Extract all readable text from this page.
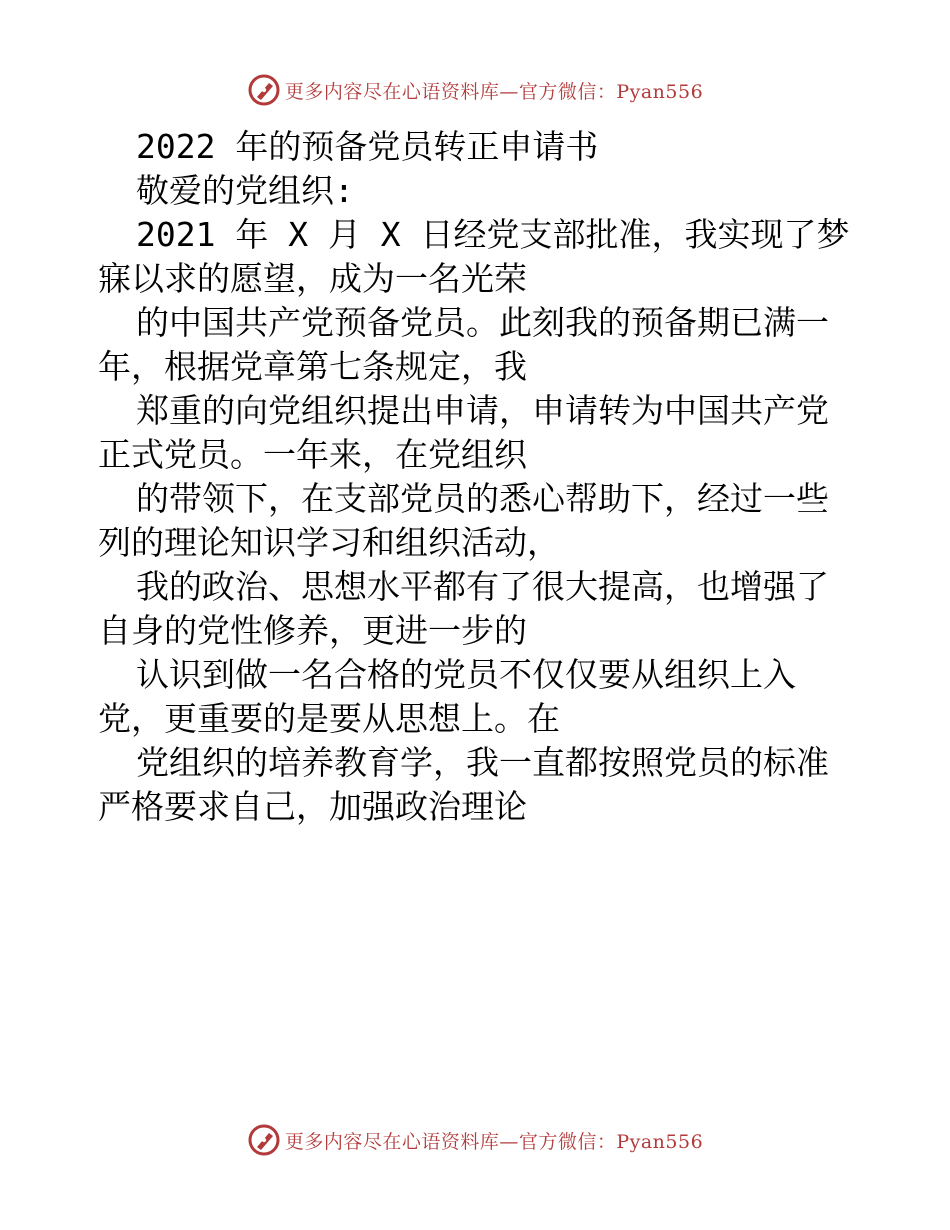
更多内容尽在心语资料库—官方微信：Pyan556
2022 年的预备党员转正申请书
敬爱的党组织:
2021 年 X 月 X 日经党支部批准，我实现了梦
寐以求的愿望，成为一名光荣
的中国共产党预备党员。此刻我的预备期已满一
年，根据党章第七条规定，我
郑重的向党组织提出申请，申请转为中国共产党
正式党员。一年来，在党组织
的带领下，在支部党员的悉心帮助下，经过一些
列的理论知识学习和组织活动，
我的政治、思想水平都有了很大提高，也增强了
自身的党性修养，更进一步的
认识到做一名合格的党员不仅仅要从组织上入
党，更重要的是要从思想上。在
党组织的培养教育学，我一直都按照党员的标准
严格要求自己，加强政治理论
更多内容尽在心语资料库—官方微信：Pyan556
